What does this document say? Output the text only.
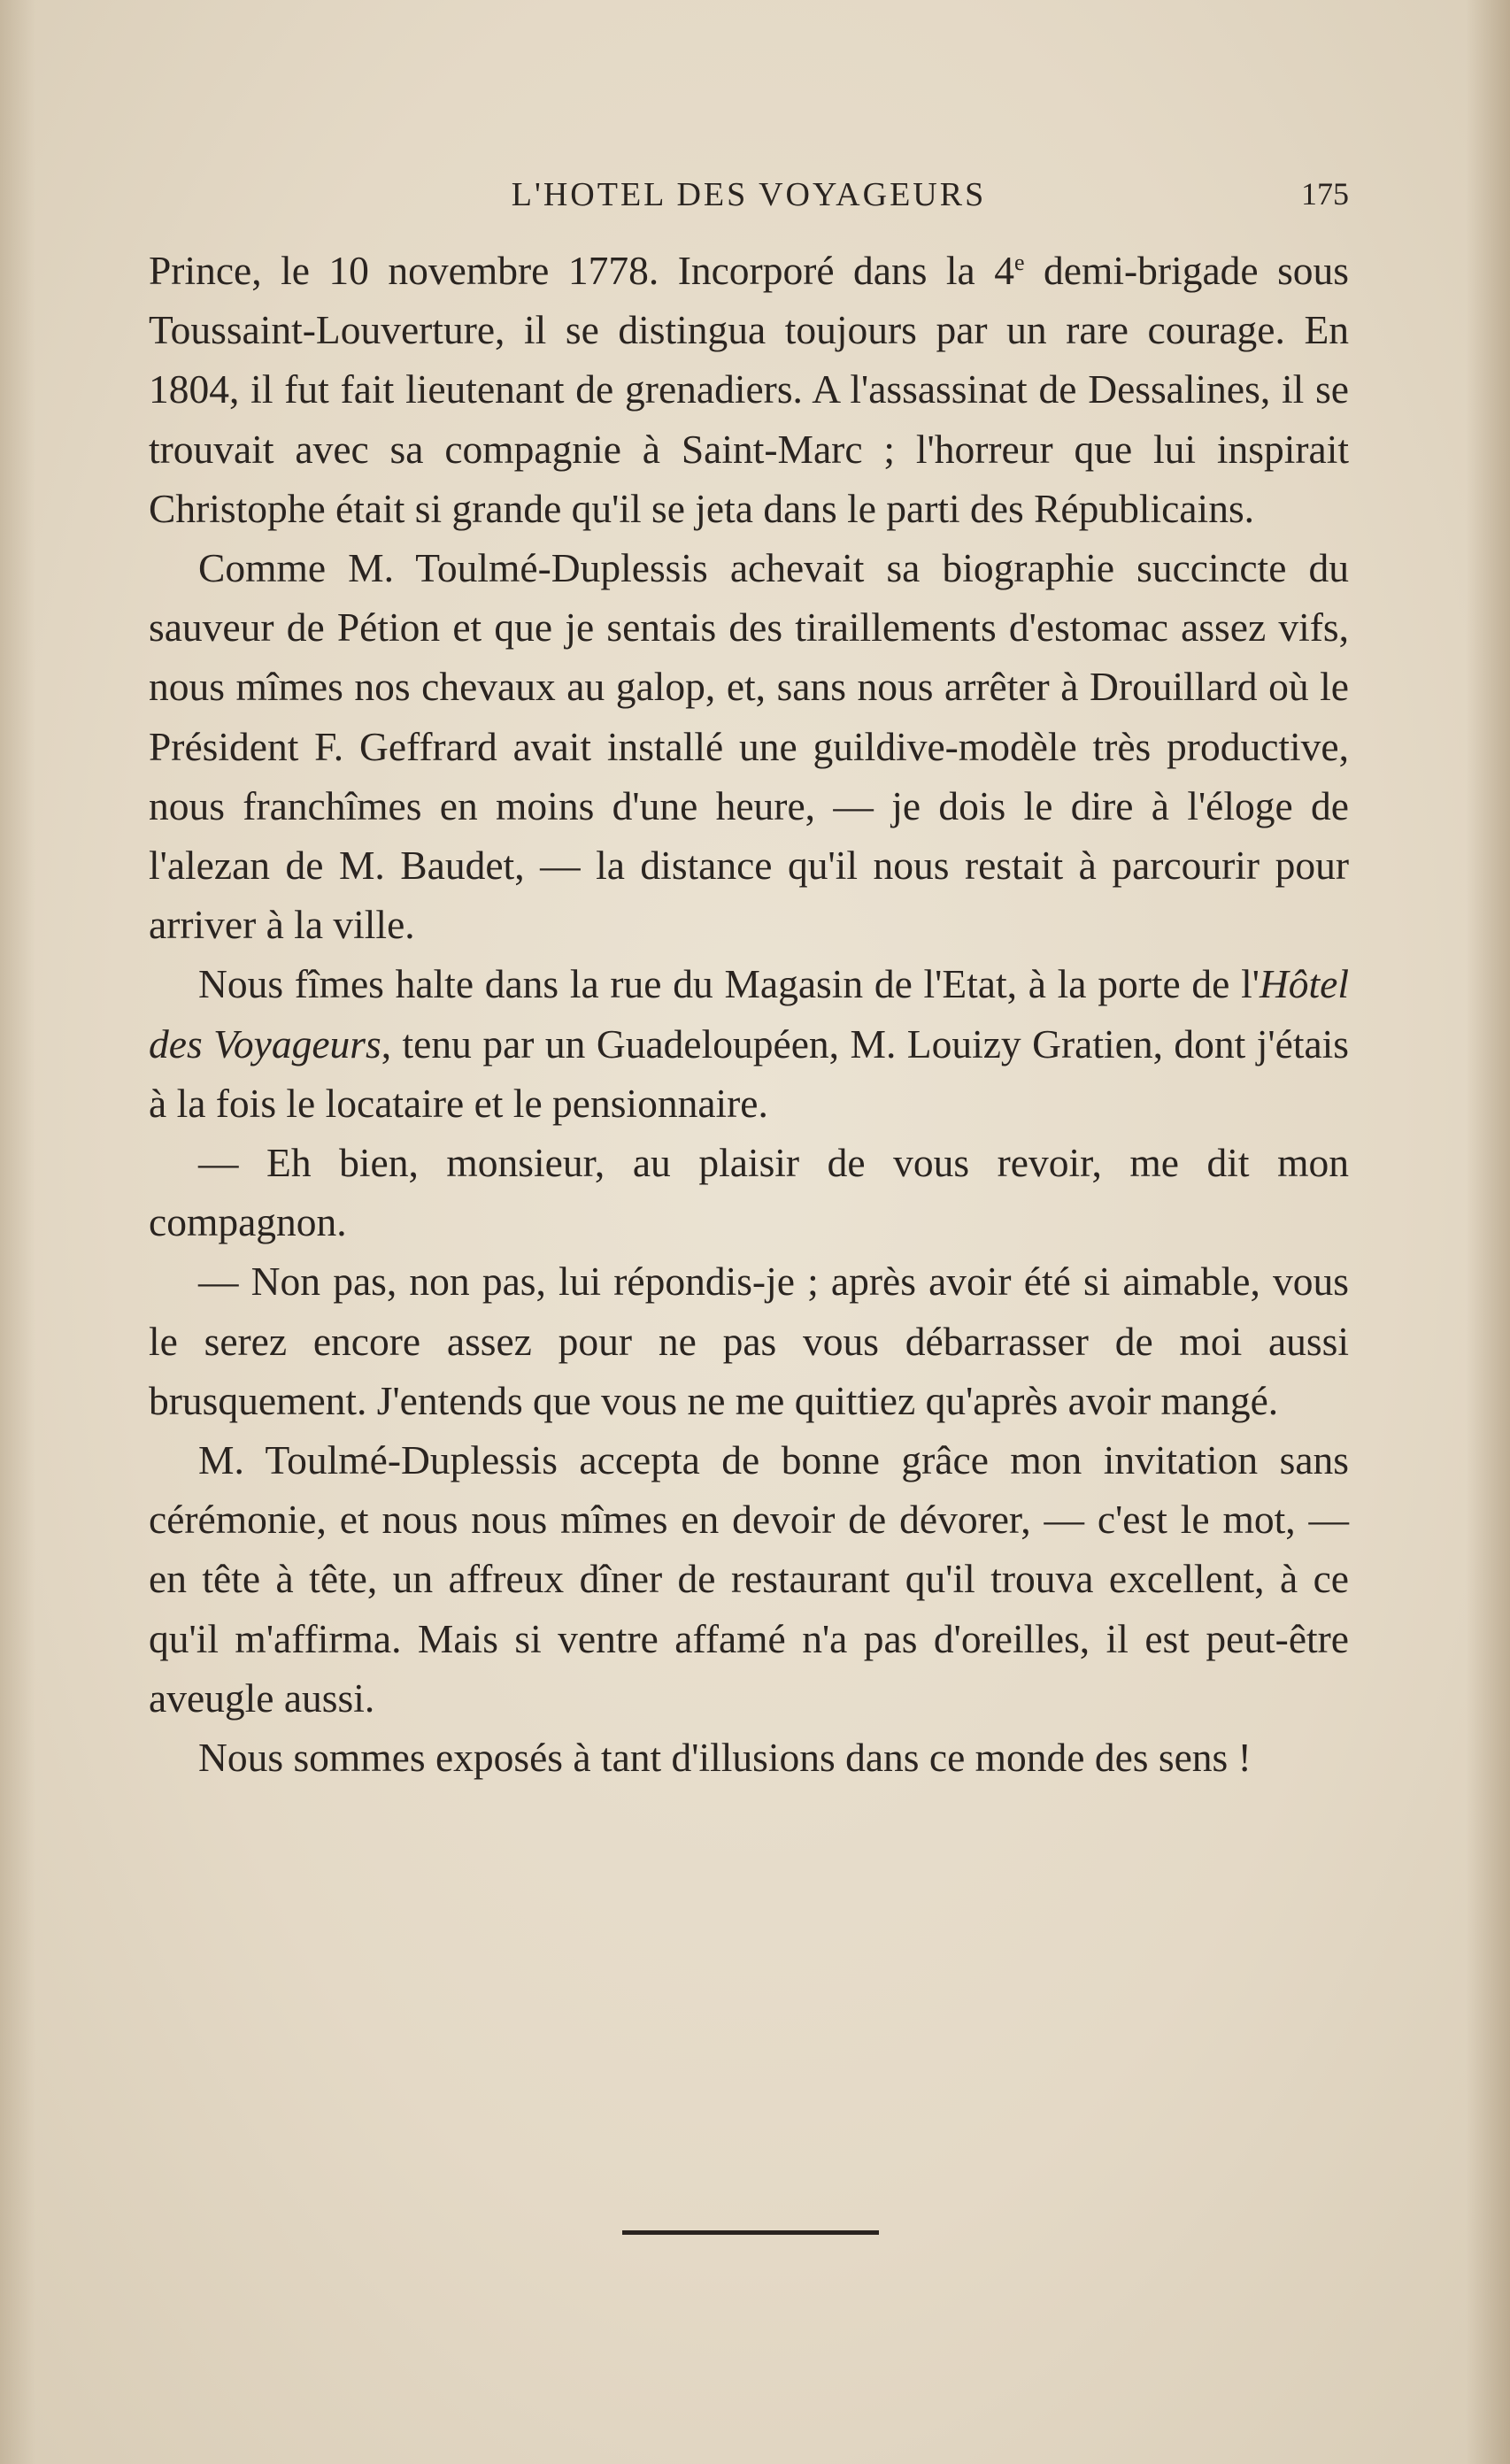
L'HOTEL DES VOYAGEURS	175

Prince, le 10 novembre 1778. Incorporé dans la 4e demi-brigade sous Toussaint-Louverture, il se distingua toujours par un rare courage. En 1804, il fut fait lieutenant de grenadiers. A l'assassinat de Dessalines, il se trouvait avec sa compagnie à Saint-Marc ; l'horreur que lui inspirait Christophe était si grande qu'il se jeta dans le parti des Républicains.

Comme M. Toulmé-Duplessis achevait sa biographie succincte du sauveur de Pétion et que je sentais des tiraillements d'estomac assez vifs, nous mîmes nos chevaux au galop, et, sans nous arrêter à Drouillard où le Président F. Geffrard avait installé une guildive-modèle très productive, nous franchîmes en moins d'une heure, — je dois le dire à l'éloge de l'alezan de M. Baudet, — la distance qu'il nous restait à parcourir pour arriver à la ville.

Nous fîmes halte dans la rue du Magasin de l'Etat, à la porte de l'Hôtel des Voyageurs, tenu par un Guadeloupéen, M. Louizy Gratien, dont j'étais à la fois le locataire et le pensionnaire.

— Eh bien, monsieur, au plaisir de vous revoir, me dit mon compagnon.

— Non pas, non pas, lui répondis-je ; après avoir été si aimable, vous le serez encore assez pour ne pas vous débarrasser de moi aussi brusquement. J'entends que vous ne me quittiez qu'après avoir mangé.

M. Toulmé-Duplessis accepta de bonne grâce mon invitation sans cérémonie, et nous nous mîmes en devoir de dévorer, — c'est le mot, — en tête à tête, un affreux dîner de restaurant qu'il trouva excellent, à ce qu'il m'affirma. Mais si ventre affamé n'a pas d'oreilles, il est peut-être aveugle aussi.

Nous sommes exposés à tant d'illusions dans ce monde des sens !
